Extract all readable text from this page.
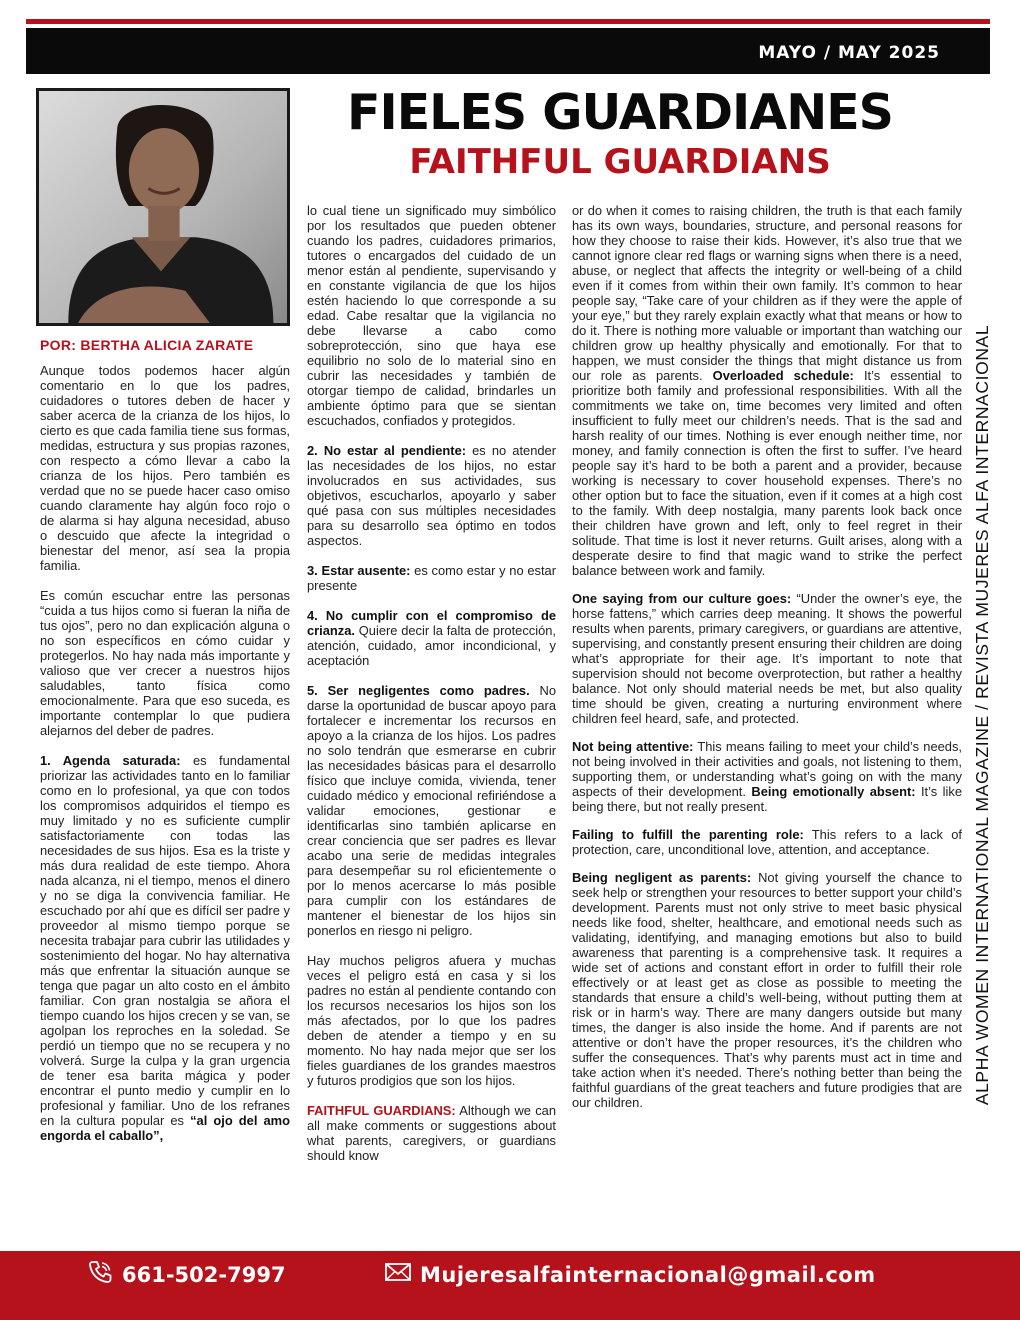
MAYO / MAY 2025
FIELES GUARDIANES
FAITHFUL GUARDIANS
POR: BERTHA ALICIA ZARATE

Aunque todos podemos hacer algún comentario en lo que los padres, cuidadores o tutores deben de hacer y saber acerca de la crianza de los hijos, lo cierto es que cada familia tiene sus formas, medidas, estructura y sus propias razones, con respecto a cómo llevar a cabo la crianza de los hijos. Pero también es verdad que no se puede hacer caso omiso cuando claramente hay algún foco rojo o de alarma si hay alguna necesidad, abuso o descuido que afecte la integridad o bienestar del menor, así sea la propia familia.

Es común escuchar entre las personas “cuida a tus hijos como si fueran la niña de tus ojos”, pero no dan explicación alguna o no son específicos en cómo cuidar y protegerlos. No hay nada más importante y valioso que ver crecer a nuestros hijos saludables, tanto física como emocionalmente. Para que eso suceda, es importante contemplar lo que pudiera alejarnos del deber de padres.

1. Agenda saturada: es fundamental priorizar las actividades tanto en lo familiar como en lo profesional, ya que con todos los compromisos adquiridos el tiempo es muy limitado y no es suficiente cumplir satisfactoriamente con todas las necesidades de sus hijos. Esa es la triste y más dura realidad de este tiempo. Ahora nada alcanza, ni el tiempo, menos el dinero y no se diga la convivencia familiar. He escuchado por ahí que es difícil ser padre y proveedor al mismo tiempo porque se necesita trabajar para cubrir las utilidades y sostenimiento del hogar. No hay alternativa más que enfrentar la situación aunque se tenga que pagar un alto costo en el ámbito familiar. Con gran nostalgia se añora el tiempo cuando los hijos crecen y se van, se agolpan los reproches en la soledad. Se perdió un tiempo que no se recupera y no volverá. Surge la culpa y la gran urgencia de tener esa barita mágica y poder encontrar el punto medio y cumplir en lo profesional y familiar. Uno de los refranes en la cultura popular es “al ojo del amo engorda el caballo”,

lo cual tiene un significado muy simbólico por los resultados que pueden obtener cuando los padres, cuidadores primarios, tutores o encargados del cuidado de un menor están al pendiente, supervisando y en constante vigilancia de que los hijos estén haciendo lo que corresponde a su edad. Cabe resaltar que la vigilancia no debe llevarse a cabo como sobreprotección, sino que haya ese equilibrio no solo de lo material sino en cubrir las necesidades y también de otorgar tiempo de calidad, brindarles un ambiente óptimo para que se sientan escuchados, confiados y protegidos.

2. No estar al pendiente: es no atender las necesidades de los hijos, no estar involucrados en sus actividades, sus objetivos, escucharlos, apoyarlo y saber qué pasa con sus múltiples necesidades para su desarrollo sea óptimo en todos aspectos.

3. Estar ausente: es como estar y no estar presente

4. No cumplir con el compromiso de crianza. Quiere decir la falta de protección, atención, cuidado, amor incondicional, y aceptación

5. Ser negligentes como padres. No darse la oportunidad de buscar apoyo para fortalecer e incrementar los recursos en apoyo a la crianza de los hijos. Los padres no solo tendrán que esmerarse en cubrir las necesidades básicas para el desarrollo físico que incluye comida, vivienda, tener cuidado médico y emocional refiriéndose a validar emociones, gestionar e identificarlas sino también aplicarse en crear conciencia que ser padres es llevar acabo una serie de medidas integrales para desempeñar su rol eficientemente o por lo menos acercarse lo más posible para cumplir con los estándares de mantener el bienestar de los hijos sin ponerlos en riesgo ni peligro.

Hay muchos peligros afuera y muchas veces el peligro está en casa y si los padres no están al pendiente contando con los recursos necesarios los hijos son los más afectados, por lo que los padres deben de atender a tiempo y en su momento. No hay nada mejor que ser los fieles guardianes de los grandes maestros y futuros prodigios que son los hijos.

FAITHFUL GUARDIANS: Although we can all make comments or suggestions about what parents, caregivers, or guardians should know

or do when it comes to raising children, the truth is that each family has its own ways, boundaries, structure, and personal reasons for how they choose to raise their kids. However, it’s also true that we cannot ignore clear red flags or warning signs when there is a need, abuse, or neglect that affects the integrity or well-being of a child even if it comes from within their own family. It’s common to hear people say, “Take care of your children as if they were the apple of your eye,” but they rarely explain exactly what that means or how to do it. There is nothing more valuable or important than watching our children grow up healthy physically and emotionally. For that to happen, we must consider the things that might distance us from our role as parents. Overloaded schedule: It’s essential to prioritize both family and professional responsibilities. With all the commitments we take on, time becomes very limited and often insufficient to fully meet our children’s needs. That is the sad and harsh reality of our times. Nothing is ever enough neither time, nor money, and family connection is often the first to suffer. I’ve heard people say it’s hard to be both a parent and a provider, because working is necessary to cover household expenses. There’s no other option but to face the situation, even if it comes at a high cost to the family. With deep nostalgia, many parents look back once their children have grown and left, only to feel regret in their solitude. That time is lost it never returns. Guilt arises, along with a desperate desire to find that magic wand to strike the perfect balance between work and family.

One saying from our culture goes: “Under the owner’s eye, the horse fattens,” which carries deep meaning. It shows the powerful results when parents, primary caregivers, or guardians are attentive, supervising, and constantly present ensuring their children are doing what’s appropriate for their age. It’s important to note that supervision should not become overprotection, but rather a healthy balance. Not only should material needs be met, but also quality time should be given, creating a nurturing environment where children feel heard, safe, and protected.

Not being attentive: This means failing to meet your child’s needs, not being involved in their activities and goals, not listening to them, supporting them, or understanding what’s going on with the many aspects of their development. Being emotionally absent: It’s like being there, but not really present.

Failing to fulfill the parenting role: This refers to a lack of protection, care, unconditional love, attention, and acceptance.

Being negligent as parents: Not giving yourself the chance to seek help or strengthen your resources to better support your child’s development. Parents must not only strive to meet basic physical needs like food, shelter, healthcare, and emotional needs such as validating, identifying, and managing emotions but also to build awareness that parenting is a comprehensive task. It requires a wide set of actions and constant effort in order to fulfill their role effectively or at least get as close as possible to meeting the standards that ensure a child’s well-being, without putting them at risk or in harm’s way. There are many dangers outside but many times, the danger is also inside the home. And if parents are not attentive or don’t have the proper resources, it’s the children who suffer the consequences. That’s why parents must act in time and take action when it’s needed. There’s nothing better than being the faithful guardians of the great teachers and future prodigies that are our children.	ALPHA WOMEN INTERNATIONAL MAGAZINE / REVISTA MUJERES ALFA INTERNACIONAL
661-502-7997	Mujeresalfainternacional@gmail.com
